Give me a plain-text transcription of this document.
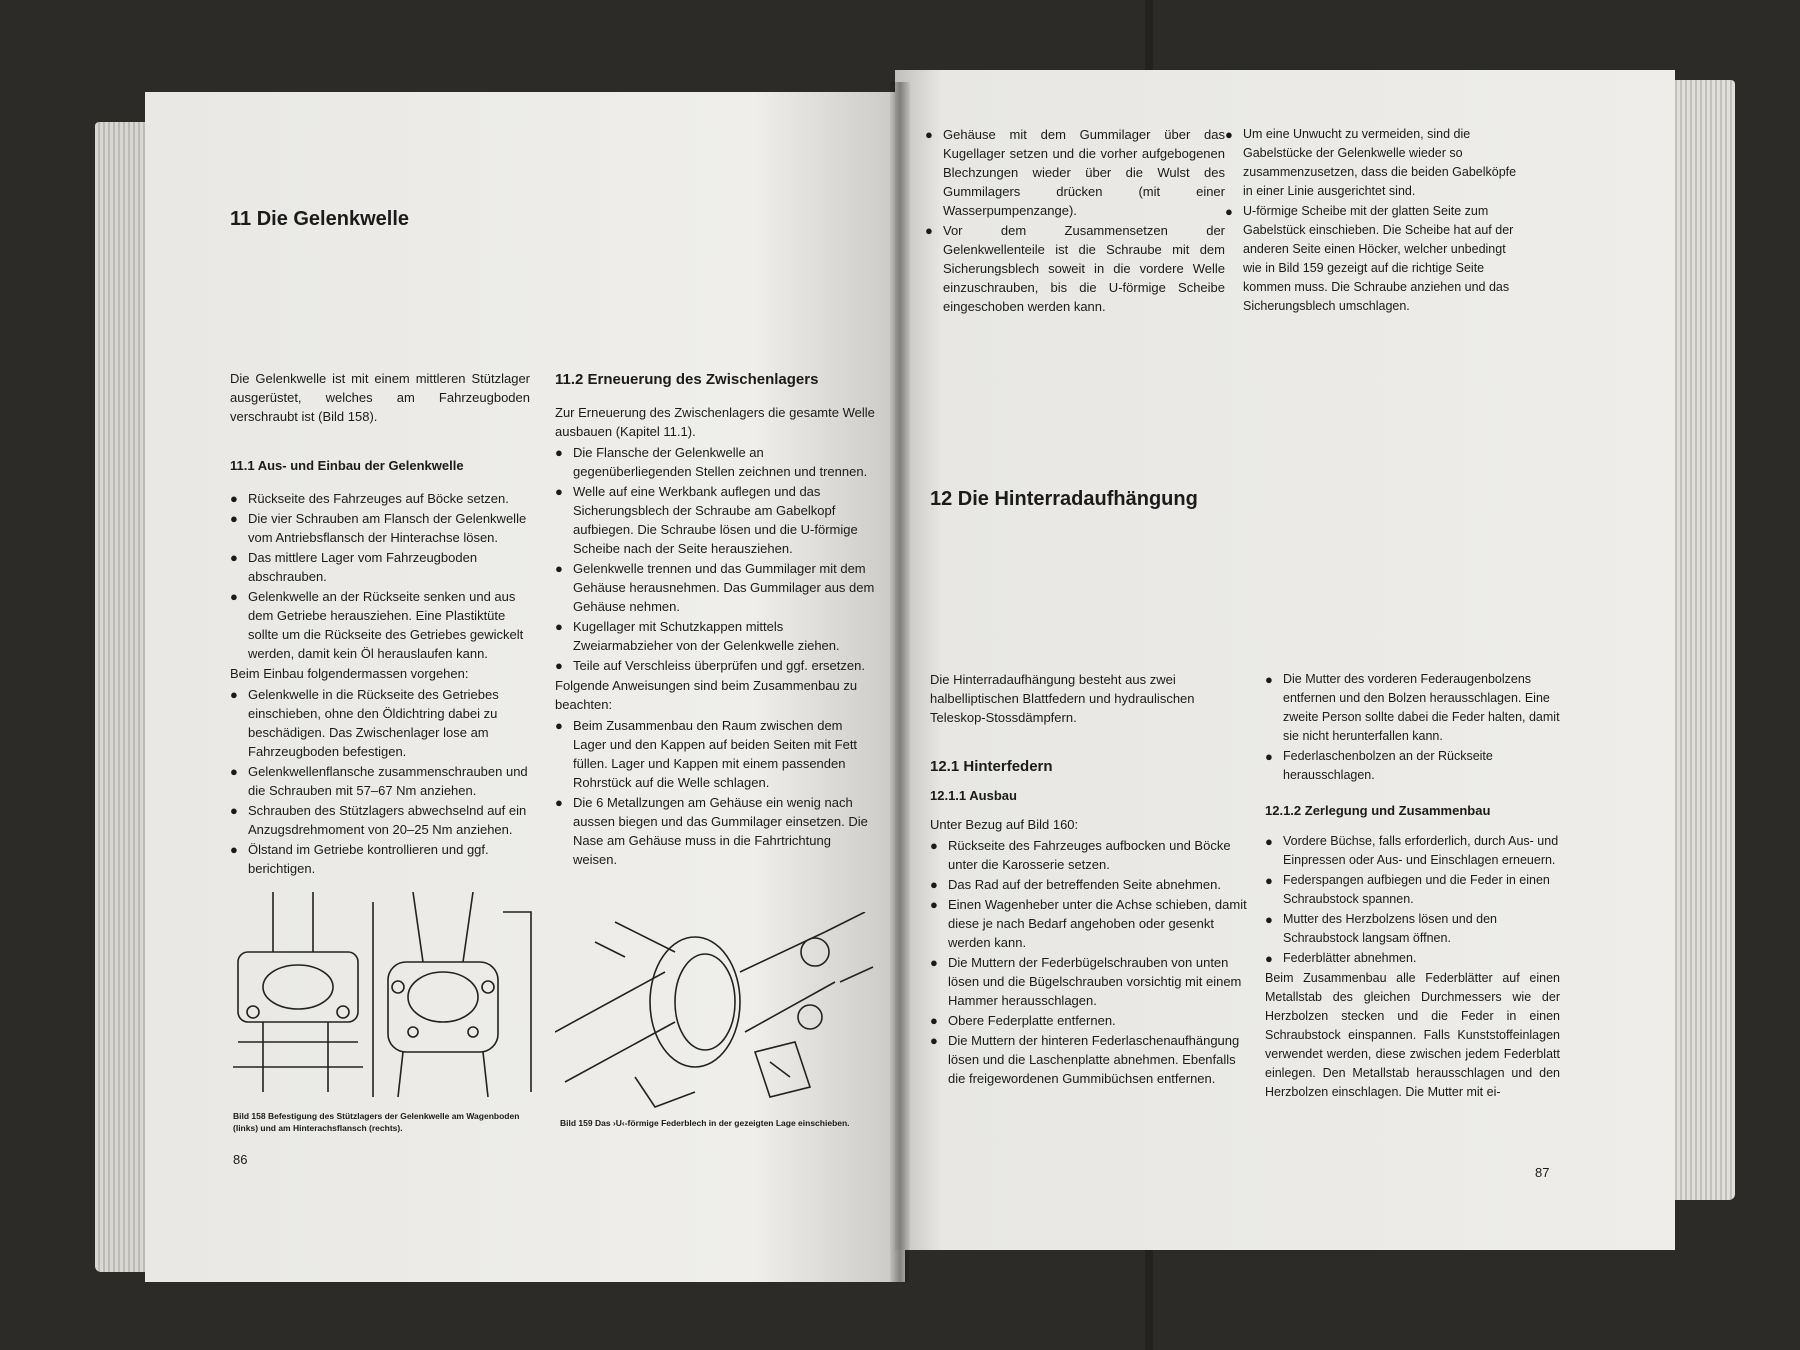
11 Die Gelenkwelle

Die Gelenkwelle ist mit einem mittleren Stützlager ausgerüstet, welches am Fahrzeugboden verschraubt ist (Bild 158).

11.1 Aus- und Einbau der Gelenkwelle
● Rückseite des Fahrzeuges auf Böcke setzen.
● Die vier Schrauben am Flansch der Gelenkwelle vom Antriebsflansch der Hinterachse lösen.
● Das mittlere Lager vom Fahrzeugboden abschrauben.
● Gelenkwelle an der Rückseite senken und aus dem Getriebe herausziehen. Eine Plastiktüte sollte um die Rückseite des Getriebes gewickelt werden, damit kein Öl herauslaufen kann.

Beim Einbau folgendermassen vorgehen:

● Gelenkwelle in die Rückseite des Getriebes einschieben, ohne den Öldichtring dabei zu beschädigen. Das Zwischenlager lose am Fahrzeugboden befestigen.
● Gelenkwellenflansche zusammenschrauben und die Schrauben mit 57–67 Nm anziehen.
● Schrauben des Stützlagers abwechselnd auf ein Anzugsdrehmoment von 20–25 Nm anziehen.
● Ölstand im Getriebe kontrollieren und ggf. berichtigen.
11.2 Erneuerung des Zwischenlagers

Zur Erneuerung des Zwischenlagers die gesamte Welle ausbauen (Kapitel 11.1).

● Die Flansche der Gelenkwelle an gegenüberliegenden Stellen zeichnen und trennen.
● Welle auf eine Werkbank auflegen und das Sicherungsblech der Schraube am Gabelkopf aufbiegen. Die Schraube lösen und die U-förmige Scheibe nach der Seite herausziehen.
● Gelenkwelle trennen und das Gummilager mit dem Gehäuse herausnehmen. Das Gummilager aus dem Gehäuse nehmen.
● Kugellager mit Schutzkappen mittels Zweiarmabzieher von der Gelenkwelle ziehen.
● Teile auf Verschleiss überprüfen und ggf. ersetzen.

Folgende Anweisungen sind beim Zusammenbau zu beachten:

● Beim Zusammenbau den Raum zwischen dem Lager und den Kappen auf beiden Seiten mit Fett füllen. Lager und Kappen mit einem passenden Rohrstück auf die Welle schlagen.
● Die 6 Metallzungen am Gehäuse ein wenig nach aussen biegen und das Gummilager einsetzen. Die Nase am Gehäuse muss in die Fahrtrichtung weisen.
Bild 158 Befestigung des Stützlagers der Gelenkwelle am Wagenboden (links) und am Hinterachsflansch (rechts).	Bild 159 Das ›U‹-förmige Federblech in der gezeigten Lage einschieben.
86
● Gehäuse mit dem Gummilager über das Kugellager setzen und die vorher aufgebogenen Blechzungen wieder über die Wulst des Gummilagers drücken (mit einer Wasserpumpenzange).
● Vor dem Zusammensetzen der Gelenkwellenteile ist die Schraube mit dem Sicherungsblech soweit in die vordere Welle einzuschrauben, bis die U-förmige Scheibe eingeschoben werden kann.
● Um eine Unwucht zu vermeiden, sind die Gabelstücke der Gelenkwelle wieder so zusammenzusetzen, dass die beiden Gabelköpfe in einer Linie ausgerichtet sind.
● U-förmige Scheibe mit der glatten Seite zum Gabelstück einschieben. Die Scheibe hat auf der anderen Seite einen Höcker, welcher unbedingt wie in Bild 159 gezeigt auf die richtige Seite kommen muss. Die Schraube anziehen und das Sicherungsblech umschlagen.
12 Die Hinterradaufhängung

Die Hinterradaufhängung besteht aus zwei halbelliptischen Blattfedern und hydraulischen Teleskop-Stossdämpfern.

12.1 Hinterfedern
12.1.1 Ausbau

Unter Bezug auf Bild 160:

● Rückseite des Fahrzeuges aufbocken und Böcke unter die Karosserie setzen.
● Das Rad auf der betreffenden Seite abnehmen.
● Einen Wagenheber unter die Achse schieben, damit diese je nach Bedarf angehoben oder gesenkt werden kann.
● Die Muttern der Federbügelschrauben von unten lösen und die Bügelschrauben vorsichtig mit einem Hammer herausschlagen.
● Obere Federplatte entfernen.
● Die Muttern der hinteren Federlaschenaufhängung lösen und die Laschenplatte abnehmen. Ebenfalls die freigewordenen Gummibüchsen entfernen.
● Die Mutter des vorderen Federaugenbolzens entfernen und den Bolzen herausschlagen. Eine zweite Person sollte dabei die Feder halten, damit sie nicht herunterfallen kann.
● Federlaschenbolzen an der Rückseite herausschlagen.
12.1.2 Zerlegung und Zusammenbau
● Vordere Büchse, falls erforderlich, durch Aus- und Einpressen oder Aus- und Einschlagen erneuern.
● Federspangen aufbiegen und die Feder in einen Schraubstock spannen.
● Mutter des Herzbolzens lösen und den Schraubstock langsam öffnen.
● Federblätter abnehmen.

Beim Zusammenbau alle Federblätter auf einen Metallstab des gleichen Durchmessers wie der Herzbolzen stecken und die Feder in einen Schraubstock einspannen. Falls Kunststoffeinlagen verwendet werden, diese zwischen jedem Federblatt einlegen. Den Metallstab herausschlagen und den Herzbolzen einschlagen. Die Mutter mit ei-

87
